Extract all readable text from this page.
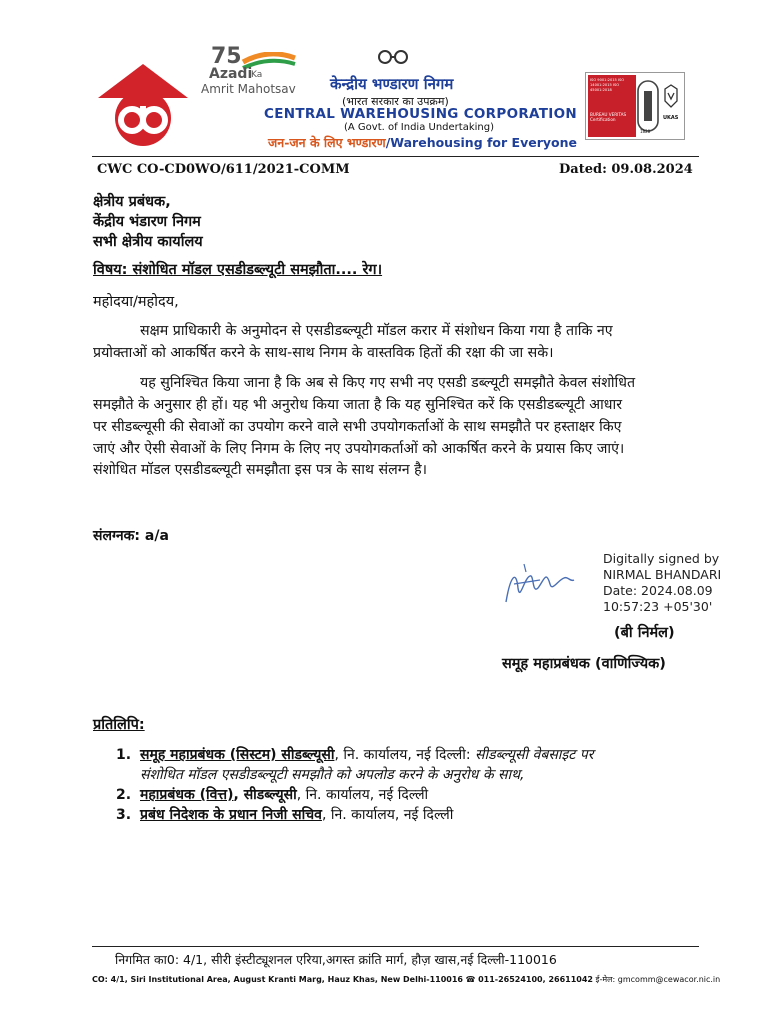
75
Azadi
Ka
Amrit Mahotsav केन्द्रीय भण्डारण निगम
(भारत सरकार का उपक्रम)
CENTRAL WAREHOUSING CORPORATION
(A Govt. of India Undertaking)
जन-जन के लिए भण्डारण/Warehousing for Everyone
ISO 9001:2015 ISO 14001:2015 ISO 45001:2018
BUREAU VERITAS Certification
1828
UKAS
CWC CO-CD0WO/611/2021-COMM	Dated: 09.08.2024
क्षेत्रीय प्रबंधक,
केंद्रीय भंडारण निगम
सभी क्षेत्रीय कार्यालय
विषय: संशोधित मॉडल एसडीडब्ल्यूटी समझौता.... रेग।
महोदया/महोदय,
सक्षम प्राधिकारी के अनुमोदन से एसडीडब्ल्यूटी मॉडल करार में संशोधन किया गया है ताकि नए
प्रयोक्ताओं को आकर्षित करने के साथ-साथ निगम के वास्तविक हितों की रक्षा की जा सके।
यह सुनिश्चित किया जाना है कि अब से किए गए सभी नए एसडी डब्ल्यूटी समझौते केवल संशोधित
समझौते के अनुसार ही हों। यह भी अनुरोध किया जाता है कि यह सुनिश्चित करें कि एसडीडब्ल्यूटी आधार
पर सीडब्ल्यूसी की सेवाओं का उपयोग करने वाले सभी उपयोगकर्ताओं के साथ समझौते पर हस्ताक्षर किए
जाएं और ऐसी सेवाओं के लिए निगम के लिए नए उपयोगकर्ताओं को आकर्षित करने के प्रयास किए जाएं।
संशोधित मॉडल एसडीडब्ल्यूटी समझौता इस पत्र के साथ संलग्न है।
संलग्नक: a/a
Digitally signed by
NIRMAL BHANDARI
Date: 2024.08.09
10:57:23 +05'30'
(बी निर्मल)
समूह महाप्रबंधक (वाणिज्यिक)
प्रतिलिपि:
1. समूह महाप्रबंधक (सिस्टम) सीडब्ल्यूसी, नि. कार्यालय, नई दिल्ली: सीडब्ल्यूसी वेबसाइट पर
संशोधित मॉडल एसडीडब्ल्यूटी समझौते को अपलोड करने के अनुरोध के साथ,
2. महाप्रबंधक (वित्त), सीडब्ल्यूसी, नि. कार्यालय, नई दिल्ली
3. प्रबंध निदेशक के प्रधान निजी सचिव, नि. कार्यालय, नई दिल्ली
निगमित का0: 4/1, सीरी इंस्टीट्यूशनल एरिया,अगस्त क्रांति मार्ग, हौज़ खास,नई दिल्ली-110016
CO: 4/1, Siri Institutional Area, August Kranti Marg, Hauz Khas, New Delhi-110016 ☎ 011-26524100, 26611042 ई-मेल: gmcomm@cewacor.nic.in
